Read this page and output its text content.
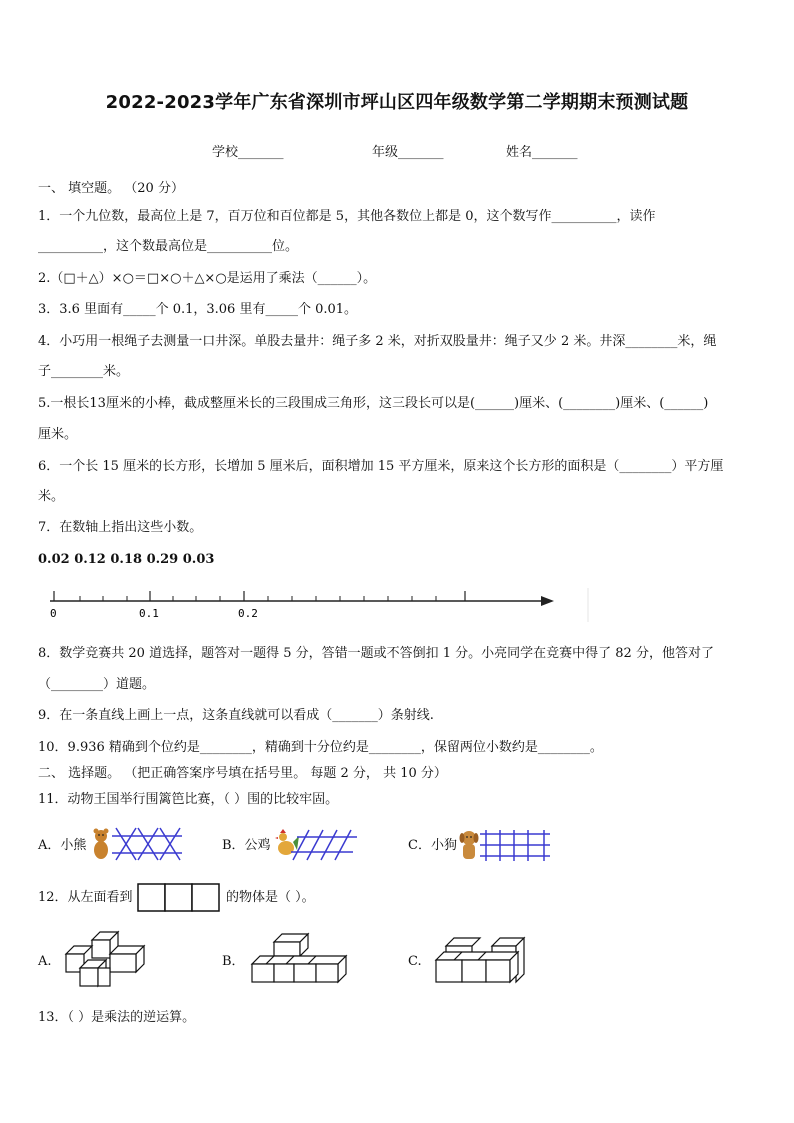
2022-2023学年广东省深圳市坪山区四年级数学第二学期期末预测试题
学校_______	年级_______	姓名_______
一、 填空题。 （20 分）
1．一个九位数，最高位上是 7，百万位和百位都是 5，其他各数位上都是 0，这个数写作__________，读作
__________，这个数最高位是__________位。
2.（□＋△）×○＝□×○＋△×○是运用了乘法（______）。
3．3.6 里面有_____个 0.1，3.06 里有_____个 0.01。
4．小巧用一根绳子去测量一口井深。单股去量井：绳子多 2 米，对折双股量井：绳子又少 2 米。井深________米，绳
子________米。
5.一根长13厘米的小棒，截成整厘米长的三段围成三角形，这三段长可以是(______)厘米、(________)厘米、(______)
厘米。
6．一个长 15 厘米的长方形，长增加 5 厘米后，面积增加 15 平方厘米，原来这个长方形的面积是（________）平方厘
米。
7．在数轴上指出这些小数。
0.02 0.12 0.18 0.29 0.03
0	0.1	0.2
8．数学竞赛共 20 道选择，题答对一题得 5 分，答错一题或不答倒扣 1 分。小亮同学在竞赛中得了 82 分，他答对了
（________）道题。
9．在一条直线上画上一点，这条直线就可以看成（_______）条射线.
10．9.936 精确到个位约是________，精确到十分位约是________，保留两位小数约是________。
二、 选择题。 （把正确答案序号填在括号里。 每题 2 分， 共 10 分）
11．动物王国举行围篱笆比赛，（ ）围的比较牢固。
A．小熊	B．公鸡	C．小狗
12．从左面看到	的物体是（ ）。
A.	B．	C.
13．（ ）是乘法的逆运算。
